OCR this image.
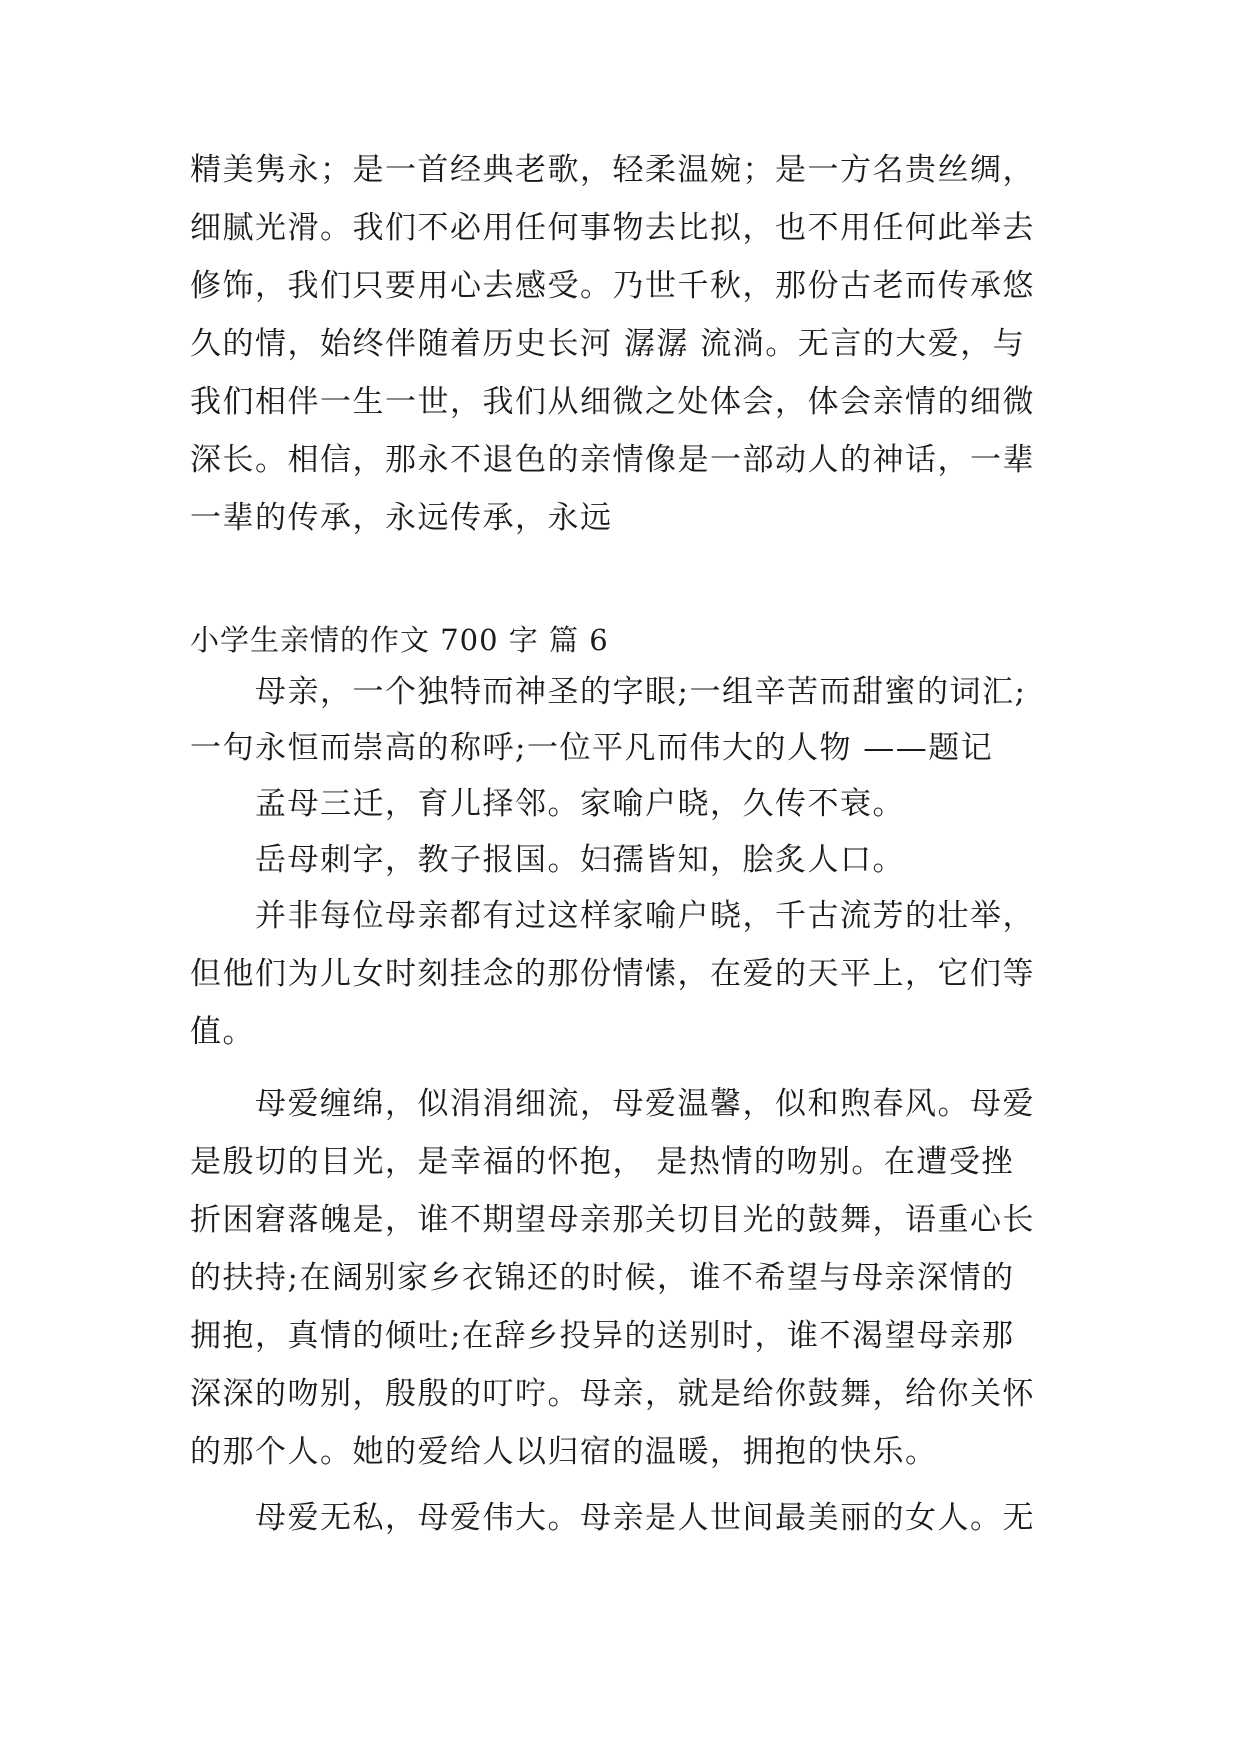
精美隽永；是一首经典老歌，轻柔温婉；是一方名贵丝绸，
细腻光滑。我们不必用任何事物去比拟，也不用任何此举去
修饰，我们只要用心去感受。乃世千秋，那份古老而传承悠
久的情，始终伴随着历史长河 潺潺 流淌。无言的大爱，与
我们相伴一生一世，我们从细微之处体会，体会亲情的细微
深长。相信，那永不退色的亲情像是一部动人的神话，一辈
一辈的传承，永远传承，永远
小学生亲情的作文 700 字 篇 6
　　母亲，一个独特而神圣的字眼;一组辛苦而甜蜜的词汇;
一句永恒而崇高的称呼;一位平凡而伟大的人物 ——题记
　　孟母三迁，育儿择邻。家喻户晓，久传不衰。
　　岳母刺字，教子报国。妇孺皆知，脍炙人口。
　　并非每位母亲都有过这样家喻户晓，千古流芳的壮举，
但他们为儿女时刻挂念的那份情愫，在爱的天平上，它们等
值。
　　母爱缠绵，似涓涓细流，母爱温馨，似和煦春风。母爱
是殷切的目光，是幸福的怀抱， 是热情的吻别。在遭受挫
折困窘落魄是，谁不期望母亲那关切目光的鼓舞，语重心长
的扶持;在阔别家乡衣锦还的时候，谁不希望与母亲深情的
拥抱，真情的倾吐;在辞乡投异的送别时，谁不渴望母亲那
深深的吻别，殷殷的叮咛。母亲，就是给你鼓舞，给你关怀
的那个人。她的爱给人以归宿的温暖，拥抱的快乐。
　　母爱无私，母爱伟大。母亲是人世间最美丽的女人。无
